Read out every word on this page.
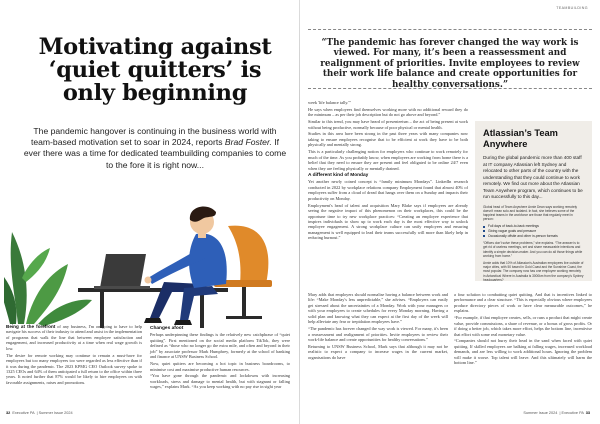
Motivating against ‘quiet quitters’ is only beginning

The pandemic hangover is continuing in the business world with team-based motivation set to soar in 2024, reports Brad Foster. If ever there was a time for dedicated teambuilding companies to come to the fore it is right now...

Being at the forefront of any business, I'm on going to have to help navigate his success of their industry to attend and assist in the implementation of programs that walk the line that between employee satisfaction and engagement, and increased productivity at a time when real wage growth is low.

The desire for remote working may continue to remain a must-have for employees but too many employees too were regarded as less effective than if it was during the pandemic. The 2023 KPMG CEO Outlook survey spoke to 1325 CEOs and 64% of them anticipated a full return to the office within three years. It noted further that 87% would be likely to hire employees on with favorable assignments, raises and promotions.

Changes afoot

Perhaps underpinning these findings is the relatively new catchphrase of “quiet quitting”. First mentioned on the social media platform TikTok, they were defined as “those who no longer go the extra mile, and often and beyond in their job” by associate professor Mark Humphrey, formerly at the school of banking and finance at UNSW Business School.

Now, quiet quitters are becoming a hot topic in business boardrooms, to minimise cost and maximise productive human resources.

“You have gone through the pandemic and lockdowns with increasing workloads, stress and damage to mental health, but with stagnant or falling wages,” explains Mark. “As you keep working with no pay rise in sight year

32 Executive PA  | Summer Issue 2024
TEAMBUILDING

“The pandemic has forever changed the way work is viewed. For many, it’s been a reassessment and realignment of priorities. Invite employees to review their work life balance and create opportunities for healthy conversations.”

week 'life balance tally.'”

He says when employees find themselves working more with no additional reward they do the minimum – as per their job description but do not go above and beyond.”

Similar to this trend, you may have heard of presenteeism – the act of being present at work without being productive, normally because of poor physical or mental health.

Studies in this area have been strong in the past three years with many companies now taking to ensure employees recognise that to be efficient at work they have to be both physically and mentally strong.

This is a particularly challenging notion for employers who continue to work remotely for much of the time. As you probably know, when employees are working from home there is a belief that they need to ensure they are present and feel obligated to be online 24/7 even when they are feeling physically or mentally drained.

A different kind of Monday

Yet another newly coined concept is “family minimum Mondays”. LinkedIn research conducted in 2022 by workplace relations company Employment found that almost 40% of employees suffer from a cloud of dread that hangs over them on a Sunday and impacts their productivity on Monday.

Employment's head of talent and acquisition Mary Blake says if employees are already seeing the negative impact of this phenomenon on their workplaces, this could be the opportune time to try new workplace practices: “Creating an employee experience that inspires individuals to show up to work each day is the most effective way to unlock employee engagement. A strong workplace culture can unify employees and ensuring management is well equipped to lead their teams successfully will more than likely help in reducing burnout.”

Atlassian’s Team Anywhere

During the global pandemic more than 400 staff at IT company Atlassian left Sydney and relocated to other parts of the country with the understanding that they could continue to work remotely. We find out more about the Atlassian Team Anywhere program, which continues to be run successfully to this day...

Global head of Team Anywhere Annie Dean says working remotely doesn't mean solo and isolated. In fact, she believes some of the happiest teams in the workforce are those that regularly meet in person:

Full days of back-to-back meetings
Giving vague goals and pressure
Occasionally offsite and other in-person formats

“Offices don't solve these problems,” she explains. “The answer is to get rid of useless meetings, set and share measurable intentions and identify a simple decision-maker. And you can do all those things while working from home.”

Annie adds that 10% of Atlassian's Australian employees live outside of major cities, with 50 based in Gold Coast and the Sunshine Coast, the most popular. The company now has one employee working remotely in Antarctica! Where in Australia is 3000km from the company's Sydney headquarters?

Mary adds that employers should normalise having a balance between work and life: “Make Monday's less unpredictable,” she advises. “Employers can easily get stressed about the uncertainties of a Monday. Work with your managers or with your employees to create schedules for every Monday morning. Having a solid plan and knowing what they can expect at the first day of the week will help alleviate any fear or trepidation employees have.”

“The pandemic has forever changed the way work is viewed. For many, it's been a reassessment and realignment of priorities. Invite employees to review their work-life balance and create opportunities for healthy conversations.”

Returning to UNSW Business School, Mark says that although it may not be realistic to expect a company to increase wages in the current market, organisations do have

a four solution to combatting quiet quitting. And that is incentives linked to performance and a clear structure. “This is especially obvious where employees produce directory pieces of work or have clear measurable outcomes,” he explains.

“For example, if that employee creates, sells, or runs a product that might create value, provide commissions, a share of revenue, or a bonus of gross profits. Or if doing a better job, which takes more effort, helps the bottom line, incentivise that effort with some real monetary value.

“Companies should not hurry their head in the sand when faced with quiet quitting. If skilled employees are balking at falling wages, increased workload demands, and are less willing to work additional hours. Ignoring the problem will make it worse. Top talent will leave. And this ultimately will harm the bottom line.”

Summer Issue 2024  | Executive PA 33
